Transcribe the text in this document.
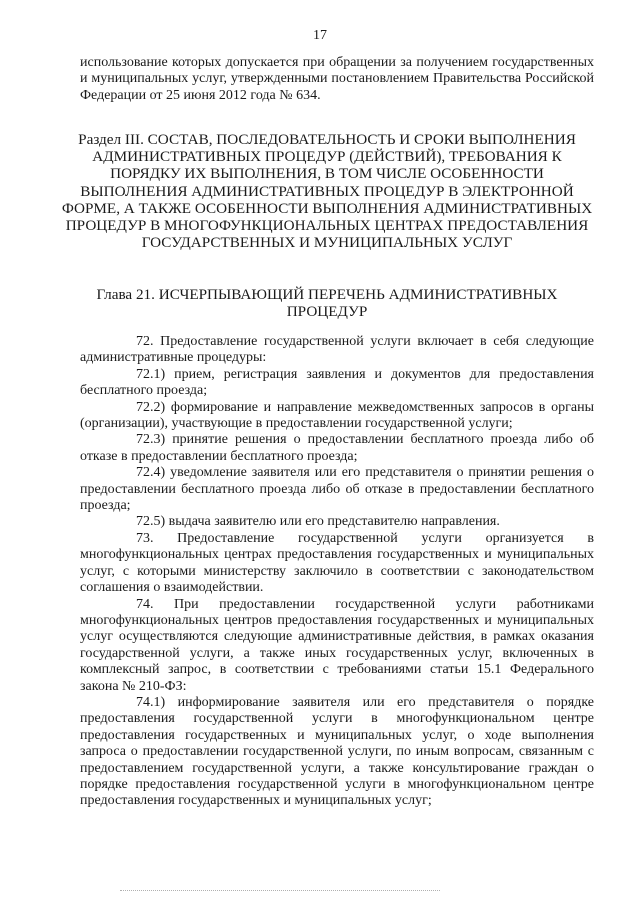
17

использование которых допускается при обращении за получением государственных и муниципальных услуг, утвержденными постановлением Правительства Российской Федерации от 25 июня 2012 года № 634.

Раздел III. СОСТАВ, ПОСЛЕДОВАТЕЛЬНОСТЬ И СРОКИ ВЫПОЛНЕНИЯ АДМИНИСТРАТИВНЫХ ПРОЦЕДУР (ДЕЙСТВИЙ), ТРЕБОВАНИЯ К ПОРЯДКУ ИХ ВЫПОЛНЕНИЯ, В ТОМ ЧИСЛЕ ОСОБЕННОСТИ ВЫПОЛНЕНИЯ АДМИНИСТРАТИВНЫХ ПРОЦЕДУР В ЭЛЕКТРОННОЙ ФОРМЕ, А ТАКЖЕ ОСОБЕННОСТИ ВЫПОЛНЕНИЯ АДМИНИСТРАТИВНЫХ ПРОЦЕДУР В МНОГОФУНКЦИОНАЛЬНЫХ ЦЕНТРАХ ПРЕДОСТАВЛЕНИЯ ГОСУДАРСТВЕННЫХ И МУНИЦИПАЛЬНЫХ УСЛУГ
Глава 21. ИСЧЕРПЫВАЮЩИЙ ПЕРЕЧЕНЬ АДМИНИСТРАТИВНЫХ ПРОЦЕДУР

72. Предоставление государственной услуги включает в себя следующие административные процедуры:

72.1) прием, регистрация заявления и документов для предоставления бесплатного проезда;

72.2) формирование и направление межведомственных запросов в органы (организации), участвующие в предоставлении государственной услуги;

72.3) принятие решения о предоставлении бесплатного проезда либо об отказе в предоставлении бесплатного проезда;

72.4) уведомление заявителя или его представителя о принятии решения о предоставлении бесплатного проезда либо об отказе в предоставлении бесплатного проезда;

72.5) выдача заявителю или его представителю направления.

73. Предоставление государственной услуги организуется в многофункциональных центрах предоставления государственных и муниципальных услуг, с которыми министерству заключило в соответствии с законодательством соглашения о взаимодействии.

74. При предоставлении государственной услуги работниками многофункциональных центров предоставления государственных и муниципальных услуг осуществляются следующие административные действия, в рамках оказания государственной услуги, а также иных государственных услуг, включенных в комплексный запрос, в соответствии с требованиями статьи 15.1 Федерального закона № 210-ФЗ:

74.1) информирование заявителя или его представителя о порядке предоставления государственной услуги в многофункциональном центре предоставления государственных и муниципальных услуг, о ходе выполнения запроса о предоставлении государственной услуги, по иным вопросам, связанным с предоставлением государственной услуги, а также консультирование граждан о порядке предоставления государственной услуги в многофункциональном центре предоставления государственных и муниципальных услуг;
